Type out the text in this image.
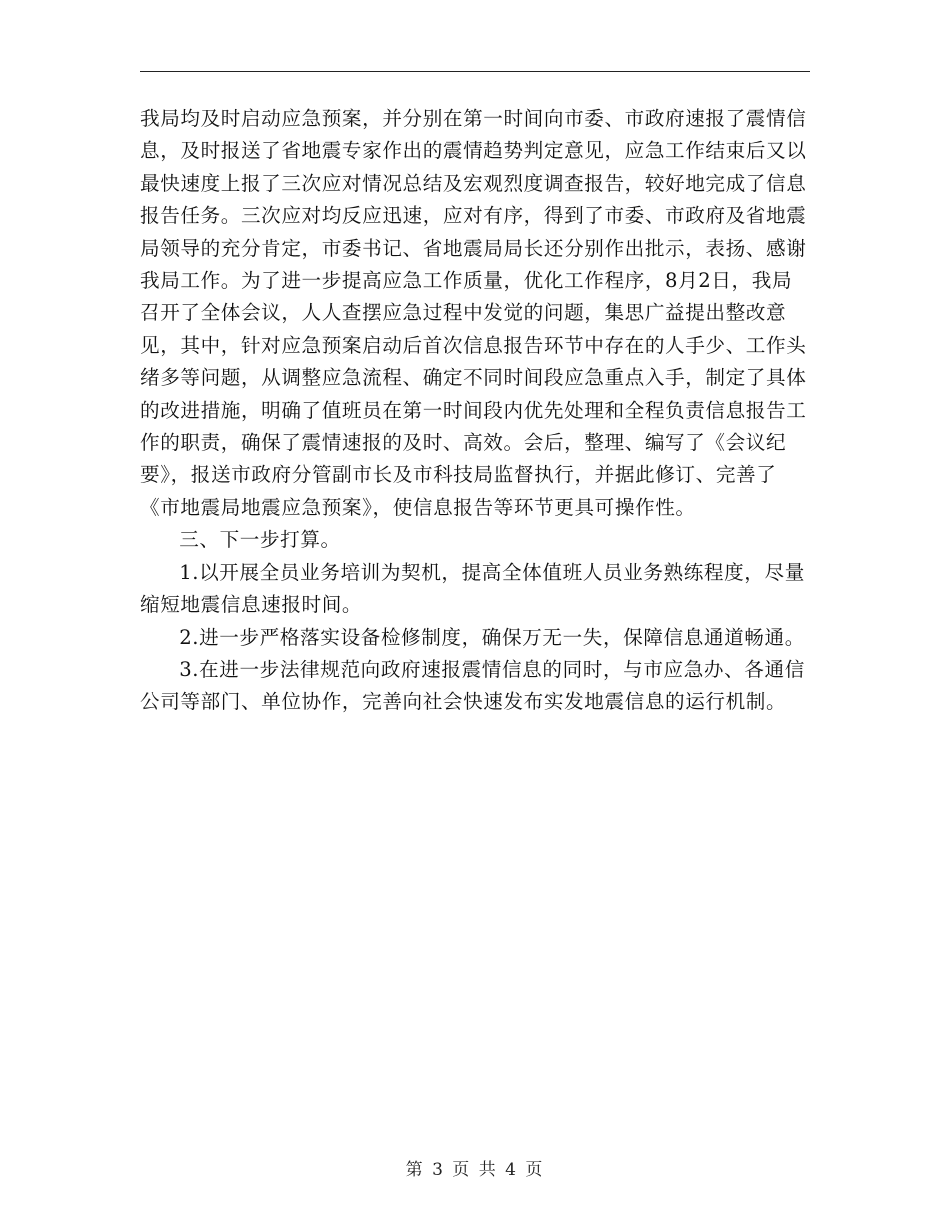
我局均及时启动应急预案，并分别在第一时间向市委、市政府速报了震情信息，及时报送了省地震专家作出的震情趋势判定意见，应急工作结束后又以最快速度上报了三次应对情况总结及宏观烈度调查报告，较好地完成了信息报告任务。三次应对均反应迅速，应对有序，得到了市委、市政府及省地震局领导的充分肯定，市委书记、省地震局局长还分别作出批示，表扬、感谢我局工作。为了进一步提高应急工作质量，优化工作程序，8月2日，我局召开了全体会议，人人查摆应急过程中发觉的问题，集思广益提出整改意见，其中，针对应急预案启动后首次信息报告环节中存在的人手少、工作头绪多等问题，从调整应急流程、确定不同时间段应急重点入手，制定了具体的改进措施，明确了值班员在第一时间段内优先处理和全程负责信息报告工作的职责，确保了震情速报的及时、高效。会后，整理、编写了《会议纪要》，报送市政府分管副市长及市科技局监督执行，并据此修订、完善了《市地震局地震应急预案》，使信息报告等环节更具可操作性。

三、下一步打算。

1.以开展全员业务培训为契机，提高全体值班人员业务熟练程度，尽量缩短地震信息速报时间。

2.进一步严格落实设备检修制度，确保万无一失，保障信息通道畅通。

3.在进一步法律规范向政府速报震情信息的同时，与市应急办、各通信公司等部门、单位协作，完善向社会快速发布实发地震信息的运行机制。

第 3 页 共 4 页
